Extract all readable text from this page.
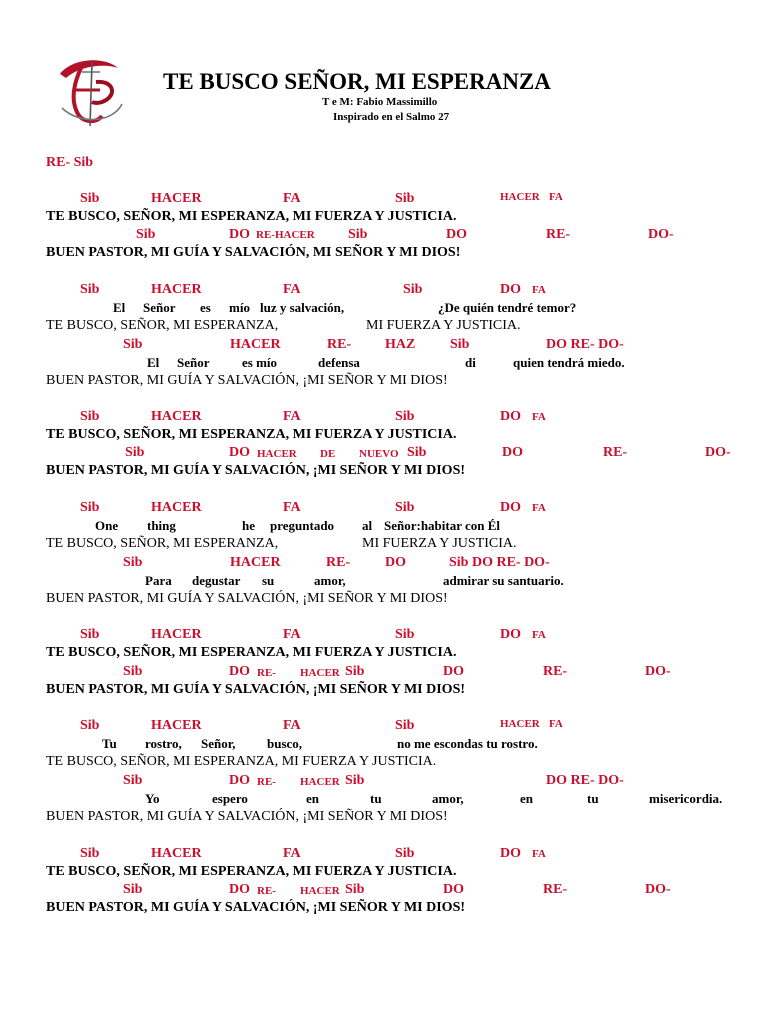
TE BUSCO SEÑOR, MI ESPERANZA
T e M: Fabio Massimillo
Inspirado en el Salmo 27
RE- Sib
Sib	HACER	FA	Sib	HACER FA
TE BUSCO, SEÑOR, MI ESPERANZA, MI FUERZA Y JUSTICIA.
Sib	DO RE-HACER Sib	DO	RE-	DO-
BUEN PASTOR, MI GUÍA Y SALVACIÓN, MI SEÑOR Y MI DIOS!
Sib	HACER	FA	Sib	DO FA
El Señor es mío luz y salvación,	¿De quién tendré temor?
TE BUSCO, SEÑOR, MI ESPERANZA,	MI FUERZA Y JUSTICIA.
Sib	HACER	RE- HAZ Sib	DO RE- DO-
El Señor	es mío	defensa	di	quien tendrá miedo.
BUEN PASTOR, MI GUÍA Y SALVACIÓN, ¡MI SEÑOR Y MI DIOS!
Sib	HACER	FA	Sib	DO FA
TE BUSCO, SEÑOR, MI ESPERANZA, MI FUERZA Y JUSTICIA.
Sib	DO HACER DE NUEVO Sib	DO	RE-	DO-
BUEN PASTOR, MI GUÍA Y SALVACIÓN, ¡MI SEÑOR Y MI DIOS!
Sib	HACER	FA	Sib	DO FA
One thing	he preguntado al Señor:habitar con Él
TE BUSCO, SEÑOR, MI ESPERANZA,	MI FUERZA Y JUSTICIA.
Sib	HACER	RE- DO	Sib DO RE- DO-
Para degustar su	amor,	admirar su santuario.
BUEN PASTOR, MI GUÍA Y SALVACIÓN, ¡MI SEÑOR Y MI DIOS!
Sib	HACER	FA	Sib	DO FA
TE BUSCO, SEÑOR, MI ESPERANZA, MI FUERZA Y JUSTICIA.
Sib	DO RE- HACER Sib	DO	RE-	DO-
BUEN PASTOR, MI GUÍA Y SALVACIÓN, ¡MI SEÑOR Y MI DIOS!
Sib	HACER	FA	Sib	HACER FA
Tu rostro, Señor, busco,	no me escondas tu rostro.
TE BUSCO, SEÑOR, MI ESPERANZA, MI FUERZA Y JUSTICIA.
Sib	DO RE- HACER Sib	DO RE- DO-
Yo	espero	en	tu	amor,	en	tu	misericordia.
BUEN PASTOR, MI GUÍA Y SALVACIÓN, ¡MI SEÑOR Y MI DIOS!
Sib	HACER	FA	Sib	DO FA
TE BUSCO, SEÑOR, MI ESPERANZA, MI FUERZA Y JUSTICIA.
Sib	DO RE- HACER Sib	DO	RE-	DO-
BUEN PASTOR, MI GUÍA Y SALVACIÓN, ¡MI SEÑOR Y MI DIOS!
